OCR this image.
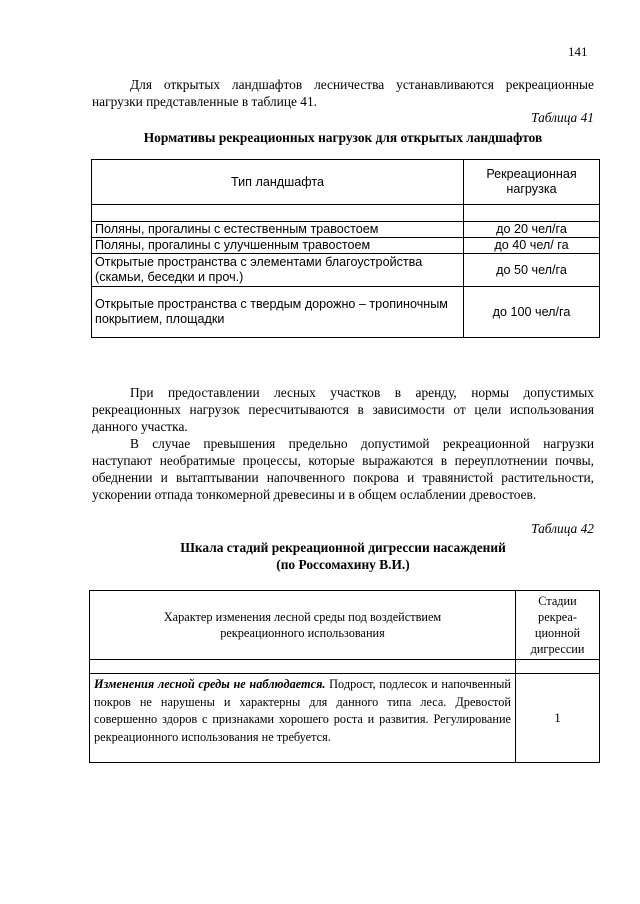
141

Для открытых ландшафтов лесничества устанавливаются рекреационные нагрузки представленные в таблице 41.

Таблица 41

Нормативы рекреационных нагрузок для открытых ландшафтов

Тип ландшафта	Рекреационная нагрузка

Поляны, прогалины с естественным травостоем	до 20 чел/га
Поляны, прогалины с улучшенным травостоем	до 40 чел/ га
Открытые пространства с элементами благоустройства (скамьи, беседки и проч.)	до 50 чел/га
Открытые пространства с твердым дорожно – тропиночным покрытием, площадки	до 100 чел/га

При предоставлении лесных участков в аренду, нормы допустимых рекреационных нагрузок пересчитываются в зависимости от цели использования данного участка.

В случае превышения предельно допустимой рекреационной нагрузки наступают необратимые процессы, которые выражаются в переуплотнении почвы, обеднении и вытаптывании напочвенного покрова и травянистой растительности, ускорении отпада тонкомерной древесины и в общем ослаблении древостоев.

Таблица 42

Шкала стадий рекреационной дигрессии насаждений

(по Россомахину В.И.)

Характер изменения лесной среды под воздействием рекреационного использования	Стадии рекреа-ционной дигрессии

Изменения лесной среды не наблюдается. Подрост, подлесок и напочвенный покров не нарушены и характерны для данного типа леса. Древостой совершенно здоров с признаками хорошего роста и развития. Регулирование рекреационного использования не требуется.	1
